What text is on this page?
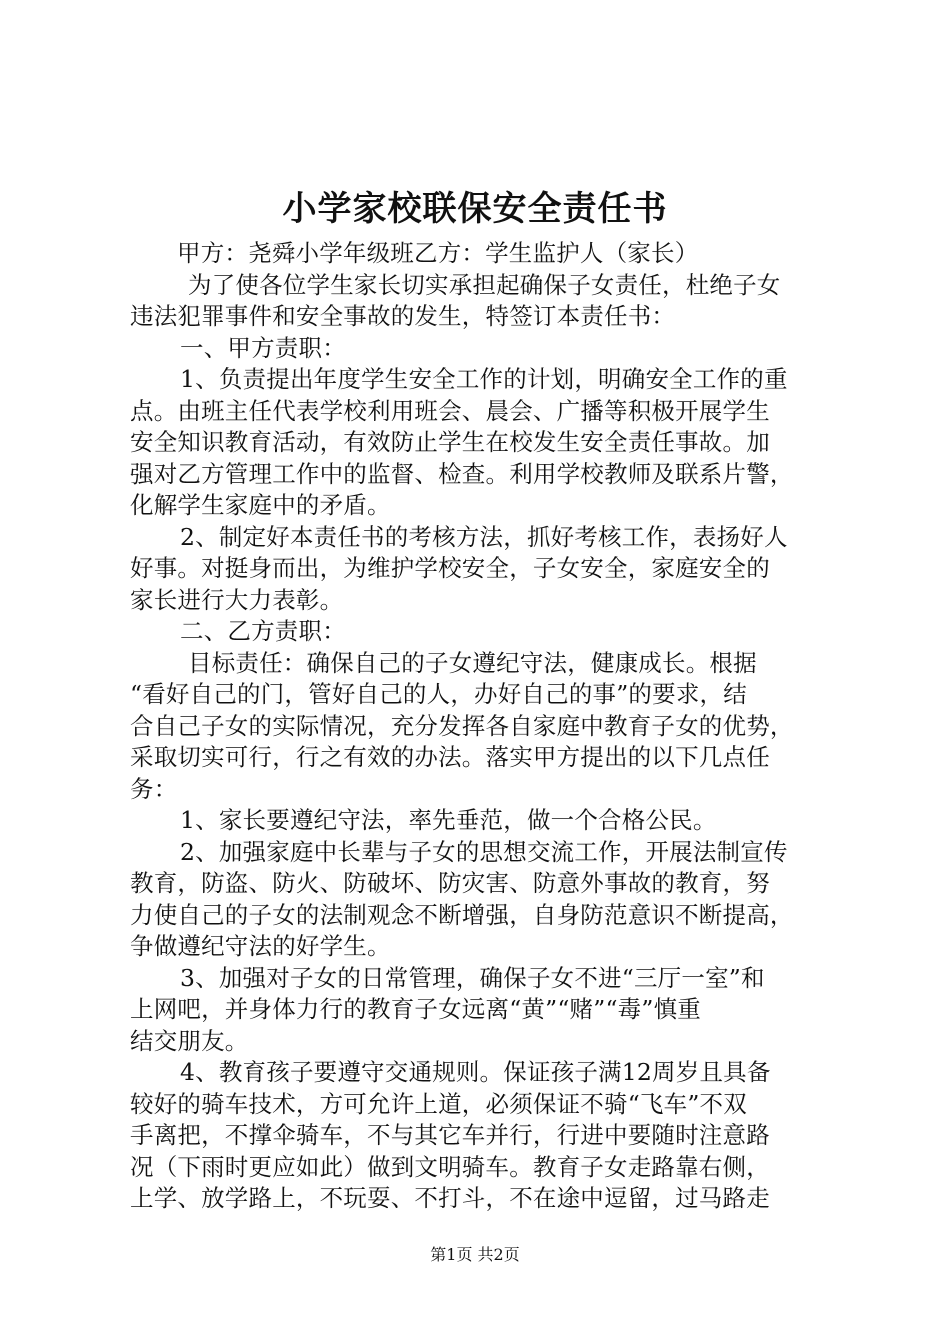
小学家校联保安全责任书
甲方：尧舜小学年级班乙方：学生监护人（家长）
为了使各位学生家长切实承担起确保子女责任，杜绝子女
违法犯罪事件和安全事故的发生，特签订本责任书：
一、甲方责职：
1、负责提出年度学生安全工作的计划，明确安全工作的重
点。由班主任代表学校利用班会、晨会、广播等积极开展学生
安全知识教育活动，有效防止学生在校发生安全责任事故。加
强对乙方管理工作中的监督、检查。利用学校教师及联系片警，
化解学生家庭中的矛盾。
2、制定好本责任书的考核方法，抓好考核工作，表扬好人
好事。对挺身而出，为维护学校安全，子女安全，家庭安全的
家长进行大力表彰。
二、乙方责职：
目标责任：确保自己的子女遵纪守法，健康成长。根据
“看好自己的门，管好自己的人，办好自己的事”的要求，结
合自己子女的实际情况，充分发挥各自家庭中教育子女的优势，
采取切实可行，行之有效的办法。落实甲方提出的以下几点任
务：
1、家长要遵纪守法，率先垂范，做一个合格公民。
2、加强家庭中长辈与子女的思想交流工作，开展法制宣传
教育，防盗、防火、防破坏、防灾害、防意外事故的教育，努
力使自己的子女的法制观念不断增强，自身防范意识不断提高，
争做遵纪守法的好学生。
3、加强对子女的日常管理，确保子女不进“三厅一室”和
上网吧，并身体力行的教育子女远离“黄”“赌”“毒”慎重
结交朋友。
4、教育孩子要遵守交通规则。保证孩子满12周岁且具备
较好的骑车技术，方可允许上道，必须保证不骑“飞车”不双
手离把，不撑伞骑车，不与其它车并行，行进中要随时注意路
况（下雨时更应如此）做到文明骑车。教育子女走路靠右侧，
上学、放学路上，不玩耍、不打斗，不在途中逗留，过马路走
第1页 共2页
